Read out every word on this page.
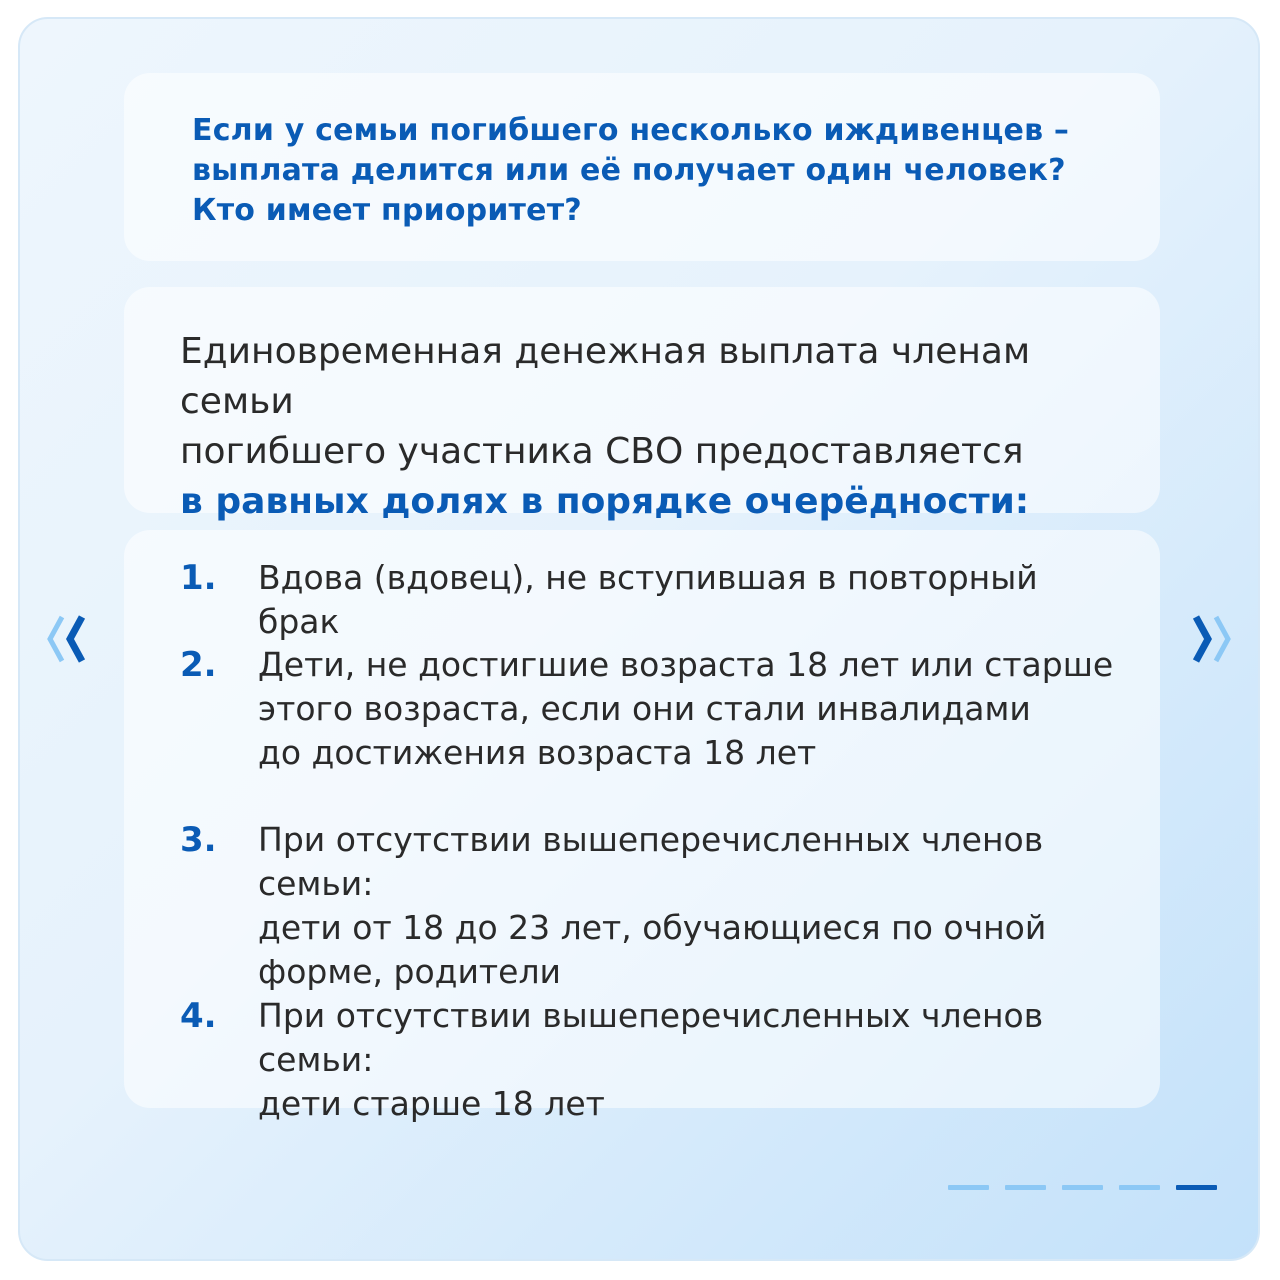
Если у семьи погибшего несколько иждивенцев –
выплата делится или её получает один человек?
Кто имеет приоритет?
Единовременная денежная выплата членам семьи
погибшего участника СВО предоставляется
в равных долях в порядке очерёдности:
1.	Вдова (вдовец), не вступившая в повторный брак
2.	Дети, не достигшие возраста 18 лет или старше
этого возраста, если они стали инвалидами
до достижения возраста 18 лет
3.	При отсутствии вышеперечисленных членов семьи:
дети от 18 до 23 лет, обучающиеся по очной
форме, родители
4.	При отсутствии вышеперечисленных членов семьи:
дети старше 18 лет
